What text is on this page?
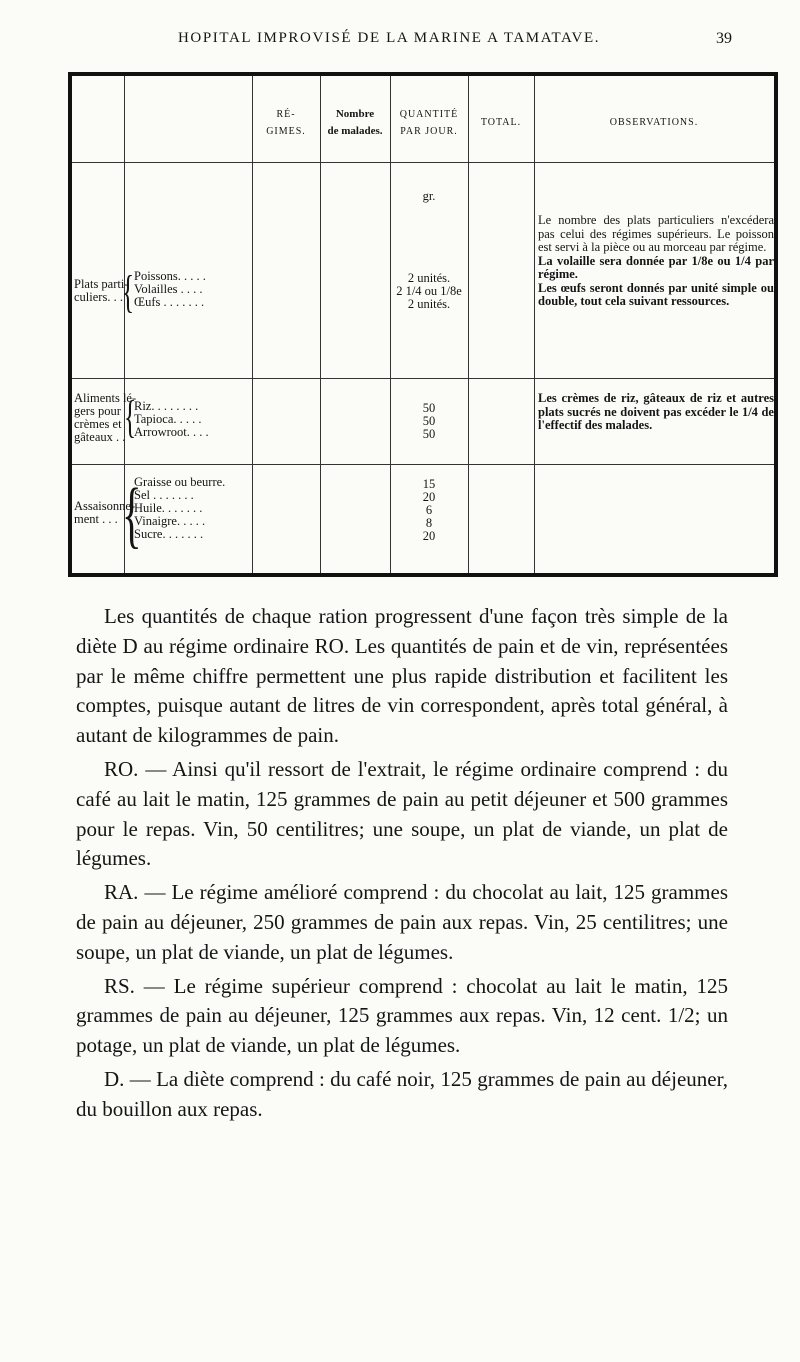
HOPITAL IMPROVISÉ DE LA MARINE A TAMATAVE.	39
RÉ-
GIMES.
Nombre
de malades.
QUANTITÉ
PAR JOUR.
TOTAL.	OBSERVATIONS.
gr.
Plats parti-
culiers. . . { Poissons. . . . .
Volailles . . . .
Œufs . . . . . . .
2 unités.
2 1/4 ou 1/8e
2 unités.
Le nombre des plats particuliers n'excédera pas celui des régimes supérieurs. Le poisson est servi à la pièce ou au morceau par régime.
La volaille sera donnée par 1/8e ou 1/4 par régime.
Les œufs seront donnés par unité simple ou double, tout cela suivant ressources.
Aliments lé-
gers pour
crèmes et
gâteaux . .
{
Riz. . . . . . . .
Tapioca. . . . .
Arrowroot. . . .
50
50
50
Les crèmes de riz, gâteaux de riz et autres plats sucrés ne doivent pas excéder le 1/4 de l'effectif des malades.
Assaisonne-
ment . . . {
Graisse ou beurre.
Sel . . . . . . .
Huile. . . . . . .
Vinaigre. . . . .
Sucre. . . . . . .
15
20
6
8
20

Les quantités de chaque ration progressent d'une façon très simple de la diète D au régime ordinaire RO. Les quantités de pain et de vin, représentées par le même chiffre permettent une plus rapide distribution et facilitent les comptes, puisque autant de litres de vin correspondent, après total général, à autant de kilogrammes de pain.

RO. — Ainsi qu'il ressort de l'extrait, le régime ordinaire comprend : du café au lait le matin, 125 grammes de pain au petit déjeuner et 500 grammes pour le repas. Vin, 50 centilitres; une soupe, un plat de viande, un plat de légumes.

RA. — Le régime amélioré comprend : du chocolat au lait, 125 grammes de pain au déjeuner, 250 grammes de pain aux repas. Vin, 25 centilitres; une soupe, un plat de viande, un plat de légumes.

RS. — Le régime supérieur comprend : chocolat au lait le matin, 125 grammes de pain au déjeuner, 125 grammes aux repas. Vin, 12 cent. 1/2; un potage, un plat de viande, un plat de légumes.

D. — La diète comprend : du café noir, 125 grammes de pain au déjeuner, du bouillon aux repas.
